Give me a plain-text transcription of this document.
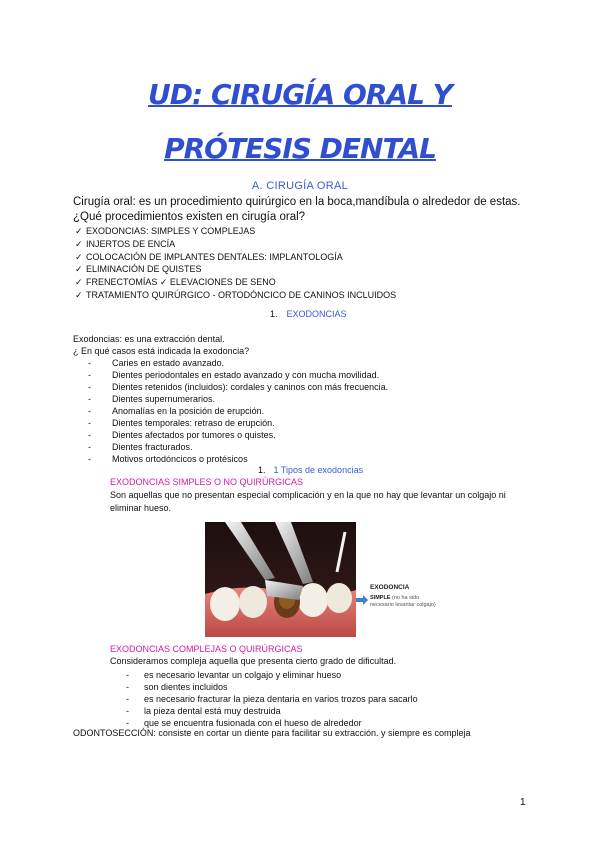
UD: CIRUGÍA ORAL Y
PRÓTESIS DENTAL
A. CIRUGÍA ORAL
Cirugía oral: es un procedimiento quirúrgico en la boca,mandíbula o alrededor de estas.
¿Qué procedimientos existen en cirugía oral?
✓ EXODONCIAS: SIMPLES Y COMPLEJAS
✓ INJERTOS DE ENCÍA
✓ COLOCACIÓN DE IMPLANTES DENTALES: IMPLANTOLOGÍA
✓ ELIMINACIÓN DE QUISTES
✓ FRENECTOMÍAS ✓ ELEVACIONES DE SENO
✓ TRATAMIENTO QUIRÚRGICO - ORTODÓNCICO DE CANINOS INCLUIDOS
1. EXODONCIAS
Exodoncias: es una extracción dental.
¿ En qué casos está indicada la exodoncia?
- Caries en estado avanzado.
- Dientes periodontales en estado avanzado y con mucha movilidad.
- Dientes retenidos (incluidos): cordales y caninos con más frecuencia.
- Dientes supernumerarios.
- Anomalías en la posición de erupción.
- Dientes temporales: retraso de erupción.
- Dientes afectados por tumores o quistes.
- Dientes fracturados.
- Motivos ortodóncicos o protésicos
1. 1 Tipos de exodoncias
EXODONCIAS SIMPLES O NO QUIRÚRGICAS
Son aquellas que no presentan especial complicación y en la que no hay que levantar un colgajo ni eliminar hueso.
EXODONCIA
SIMPLE (no ha sido necesario levantar colgajo)
EXODONCIAS COMPLEJAS O QUIRÚRGICAS
Consideramos compleja aquella que presenta cierto grado de dificultad.
- es necesario levantar un colgajo y eliminar hueso
- son dientes incluidos
- es necesario fracturar la pieza dentaria en varios trozos para sacarlo
- la pieza dental está muy destruida
- que se encuentra fusionada con el hueso de alrededor
ODONTOSECCIÓN: consiste en cortar un diente para facilitar su extracción. y siempre es compleja
1
